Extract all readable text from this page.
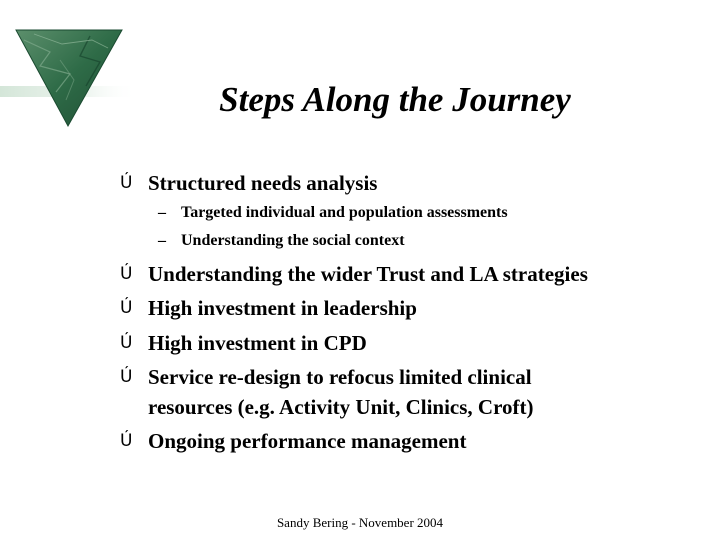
Steps Along the Journey
Ú Structured needs analysis
– Targeted individual and population assessments
– Understanding the social context
Ú Understanding the wider Trust and LA strategies
Ú High investment in leadership
Ú High investment in CPD
Ú Service re-design to refocus limited clinical
resources (e.g. Activity Unit, Clinics, Croft)
Ú Ongoing performance management
Sandy Bering - November 2004
